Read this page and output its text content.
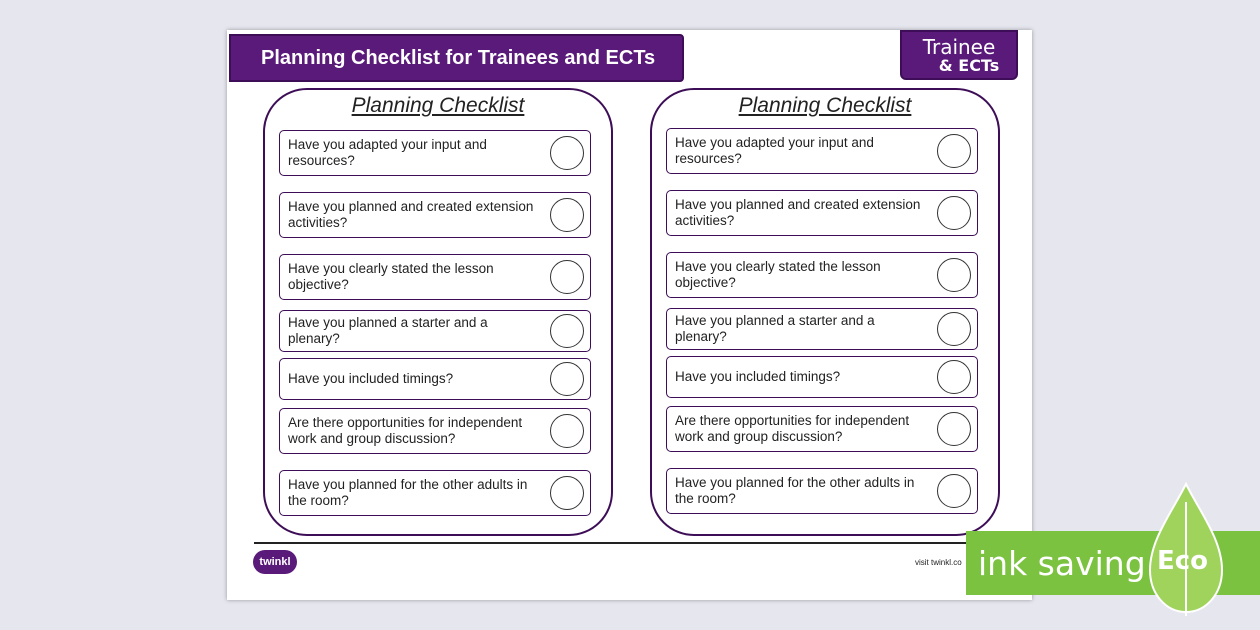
Planning Checklist for Trainees and ECTs	Trainee
& ECTs
Planning Checklist
Have you adapted your input and resources?
Have you planned and created extension activities?
Have you clearly stated the lesson objective?
Have you planned a starter and a plenary?
Have you included timings?
Are there opportunities for independent work and group discussion?
Have you planned for the other adults in the room?
Planning Checklist
Have you adapted your input and resources?
Have you planned and created extension activities?
Have you clearly stated the lesson objective?
Have you planned a starter and a plenary?
Have you included timings?
Are there opportunities for independent work and group discussion?
Have you planned for the other adults in the room?
twinkl	visit twinkl.co ink saving Eco
